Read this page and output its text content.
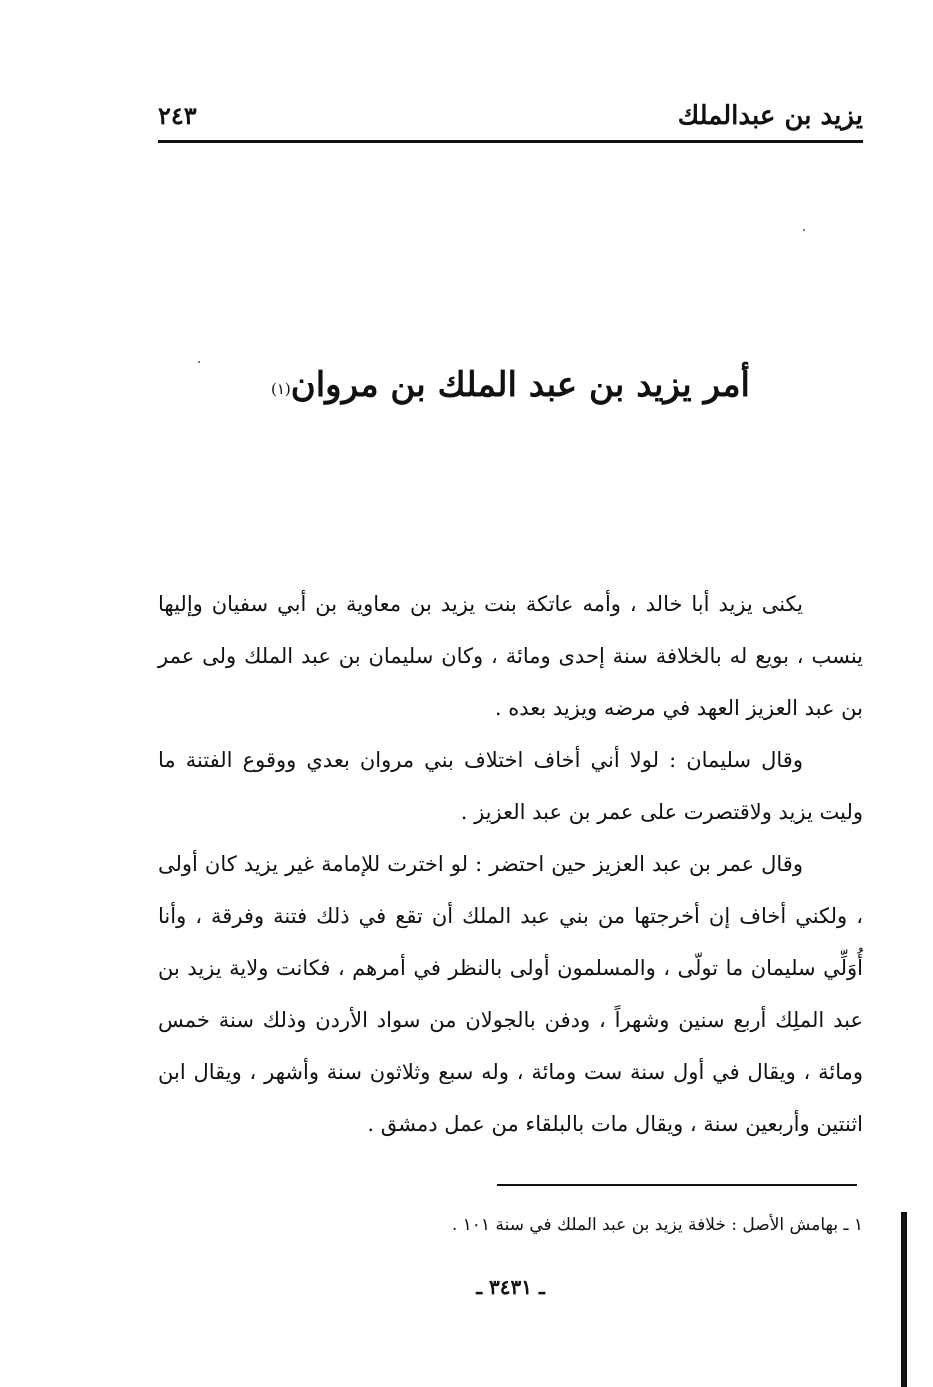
يزيد بن عبدالملك
٢٤٣
أمر يزيد بن عبد الملك بن مروان$^{(١)}$

يكنى يزيد أبا خالد ، وأمه عاتكة بنت يزيد بن معاوية بن أبي سفيان وإليها ينسب ، بويع له بالخلافة سنة إحدى ومائة ، وكان سليمان بن عبد الملك ولى عمر بن عبد العزيز العهد في مرضه ويزيد بعده .

وقال سليمان : لولا أني أخاف اختلاف بني مروان بعدي ووقوع الفتنة ما وليت يزيد ولاقتصرت على عمر بن عبد العزيز .

وقال عمر بن عبد العزيز حين احتضر : لو اخترت للإمامة غير يزيد كان أولى ، ولكني أخاف إن أخرجتها من بني عبد الملك أن تقع في ذلك فتنة وفرقة ، وأنا أُوَلِّي سليمان ما تولّى ، والمسلمون أولى بالنظر في أمرهم ، فكانت ولاية يزيد بن عبد الملِك أربع سنين وشهراً ، ودفن بالجولان من سواد الأردن وذلك سنة خمس ومائة ، ويقال في أول سنة ست ومائة ، وله سبع وثلاثون سنة وأشهر ، ويقال ابن اثنتين وأربعين سنة ، ويقال مات بالبلقاء من عمل دمشق .

١ ـ بهامش الأصل : خلافة يزيد بن عبد الملك في سنة ١٠١ .
ـ ٣٤٣١ ـ
